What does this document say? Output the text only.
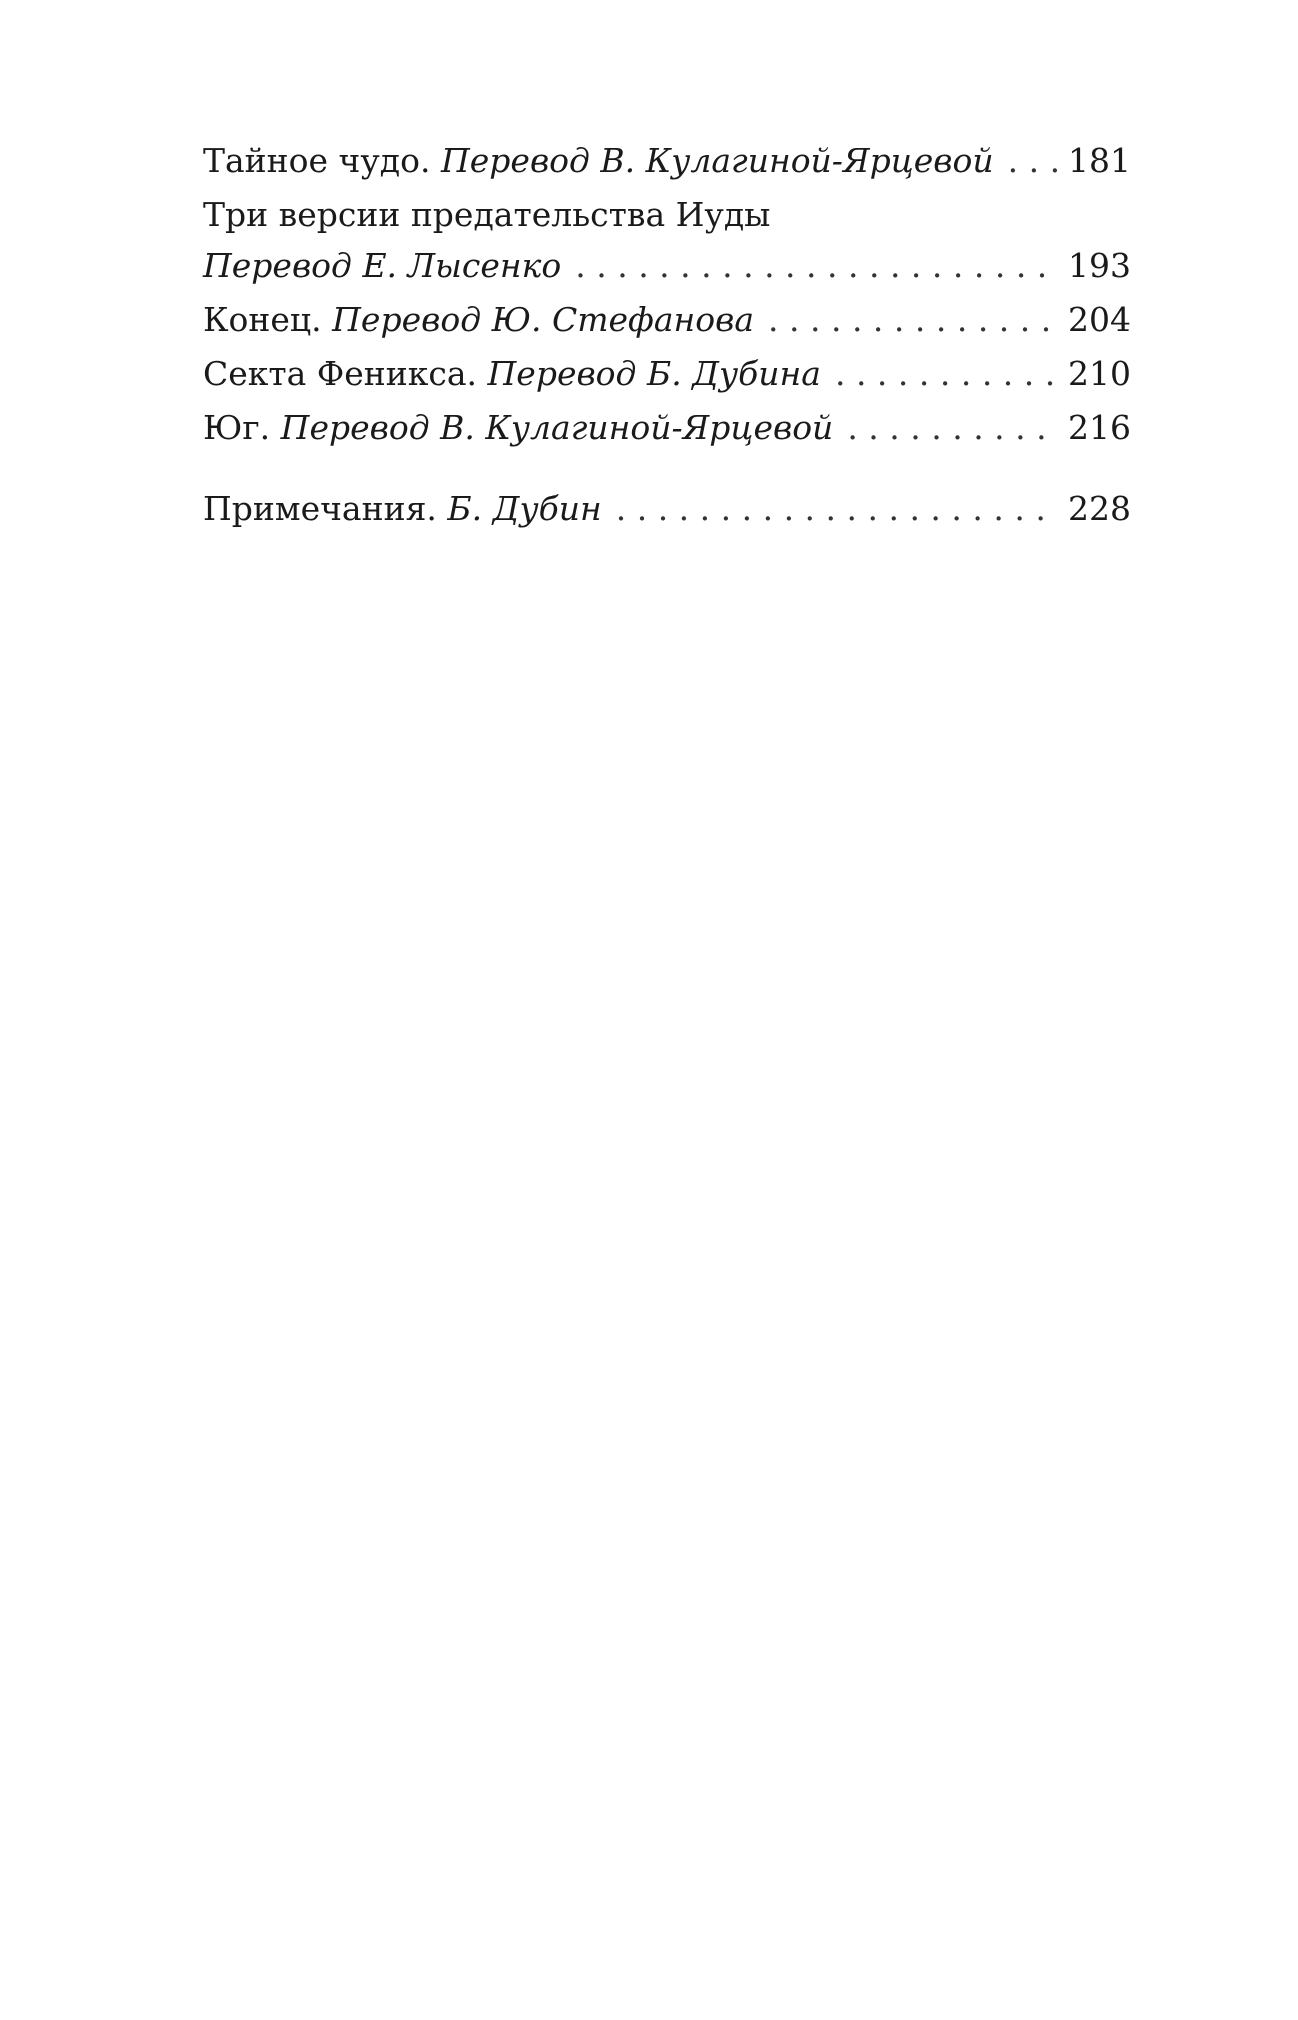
Тайное чудо. Перевод В. Кулагиной-Ярцевой . . . 181
Три версии предательства Иуды
Перевод Е. Лысенко . . .	193
Конец. Перевод Ю. Стефанова . . .	204
Секта Феникса. Перевод Б. Дубина . . .	210
Юг. Перевод В. Кулагиной-Ярцевой . . .	216
Примечания. Б. Дубин . . .	228
